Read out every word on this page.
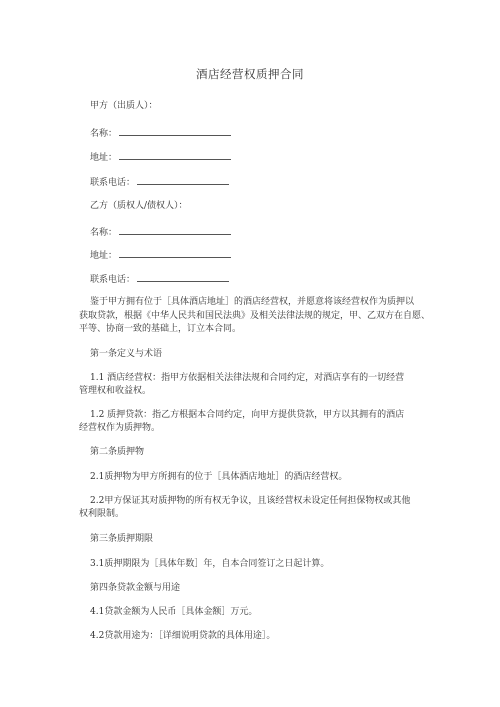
酒店经营权质押合同
甲方（出质人）：
名称：
地址：
联系电话：
乙方（质权人/债权人）：
名称：
地址：
联系电话：
鉴于甲方拥有位于［具体酒店地址］的酒店经营权，并愿意将该经营权作为质押以
获取贷款，根据《中华人民共和国民法典》及相关法律法规的规定，甲、乙双方在自愿、
平等、协商一致的基础上，订立本合同。
第一条定义与术语
1.1 酒店经营权：指甲方依据相关法律法规和合同约定，对酒店享有的一切经营
管理权和收益权。
1.2 质押贷款：指乙方根据本合同约定，向甲方提供贷款，甲方以其拥有的酒店
经营权作为质押物。
第二条质押物
2.1质押物为甲方所拥有的位于［具体酒店地址］的酒店经营权。
2.2甲方保证其对质押物的所有权无争议，且该经营权未设定任何担保物权或其他
权利限制。
第三条质押期限
3.1质押期限为［具体年数］年，自本合同签订之日起计算。
第四条贷款金额与用途
4.1贷款金额为人民币［具体金额］万元。
4.2贷款用途为：［详细说明贷款的具体用途］。
